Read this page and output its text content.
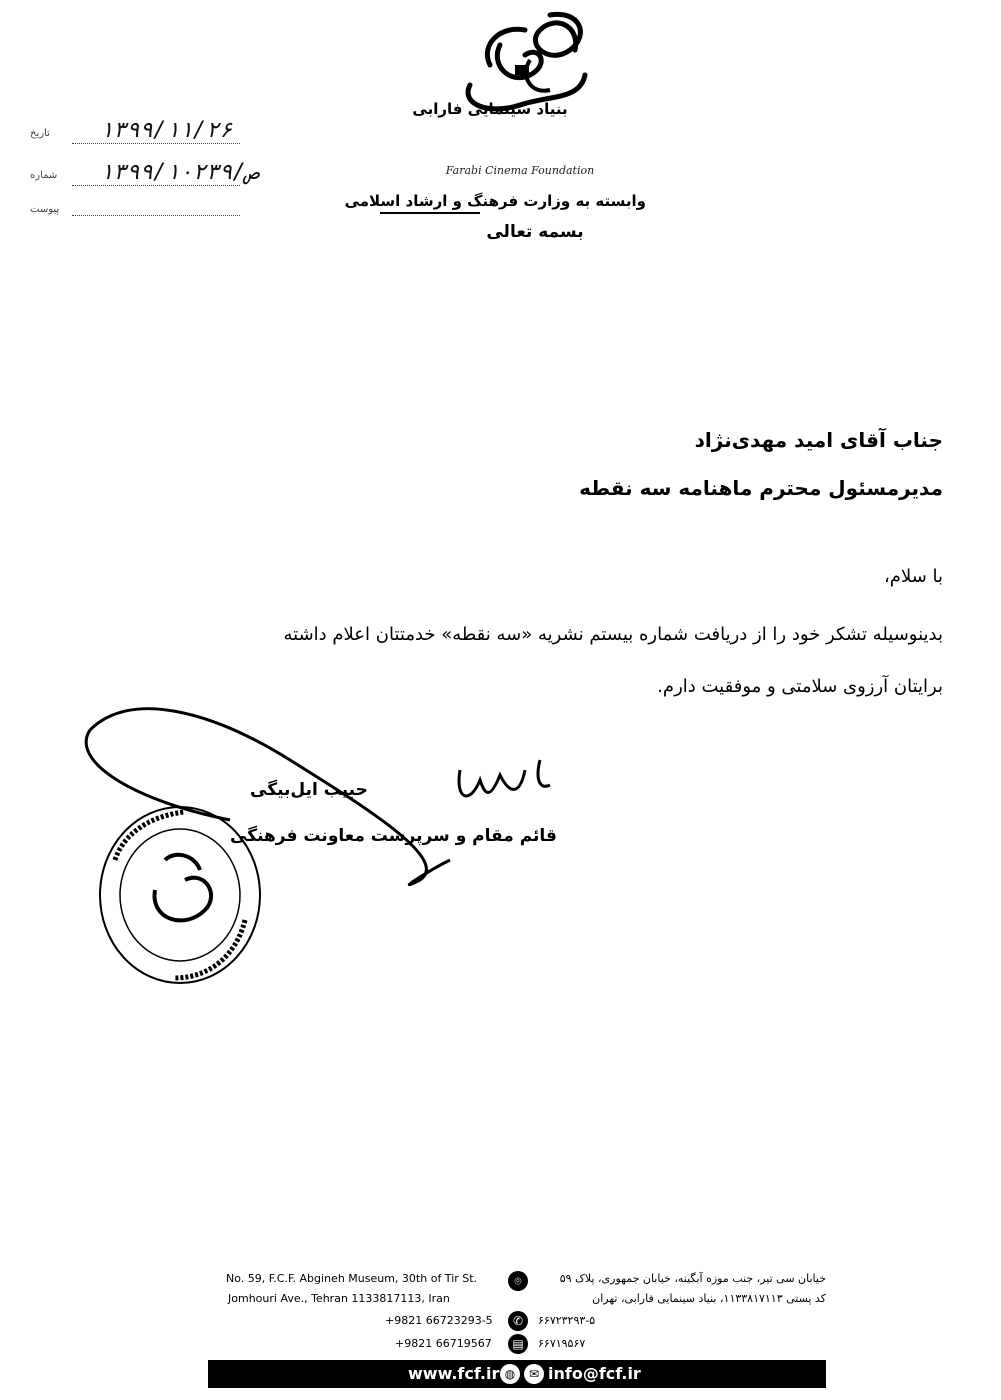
بنیاد سینمایی فارابی
Farabi Cinema Foundation
وابسته به وزارت فرهنگ و ارشاد اسلامی
بسمه تعالی
تاریخ ۱۳۹۹/۱۱/۲۶
شماره ۱۳۹۹/ص/۱۰۲۳۹
پیوست
جناب آقای امید مهدی‌نژاد
مدیرمسئول محترم ماهنامه سه نقطه
با سلام،
بدینوسیله تشکر خود را از دریافت شماره بیستم نشریه «سه نقطه» خدمتتان اعلام داشته
برایتان آرزوی سلامتی و موفقیت دارم.
حبیب ایل‌بیگی
قائم مقام و سرپرست معاونت فرهنگی
No. 59, F.C.F. Abgineh Museum, 30th of Tir St.
Jomhouri Ave., Tehran 1133817113, Iran
⌾	خیابان سی تیر، جنب موزه آبگینه، خیابان جمهوری، پلاک ۵۹
کد پستی ۱۱۳۳۸۱۷۱۱۳، بنیاد سینمایی فارابی، تهران
+9821 66723293-5	✆	۶۶۷۲۳۲۹۳-۵
+9821 66719567	▤	۶۶۷۱۹۵۶۷
www.fcf.ir ◍	✉ info@fcf.ir
